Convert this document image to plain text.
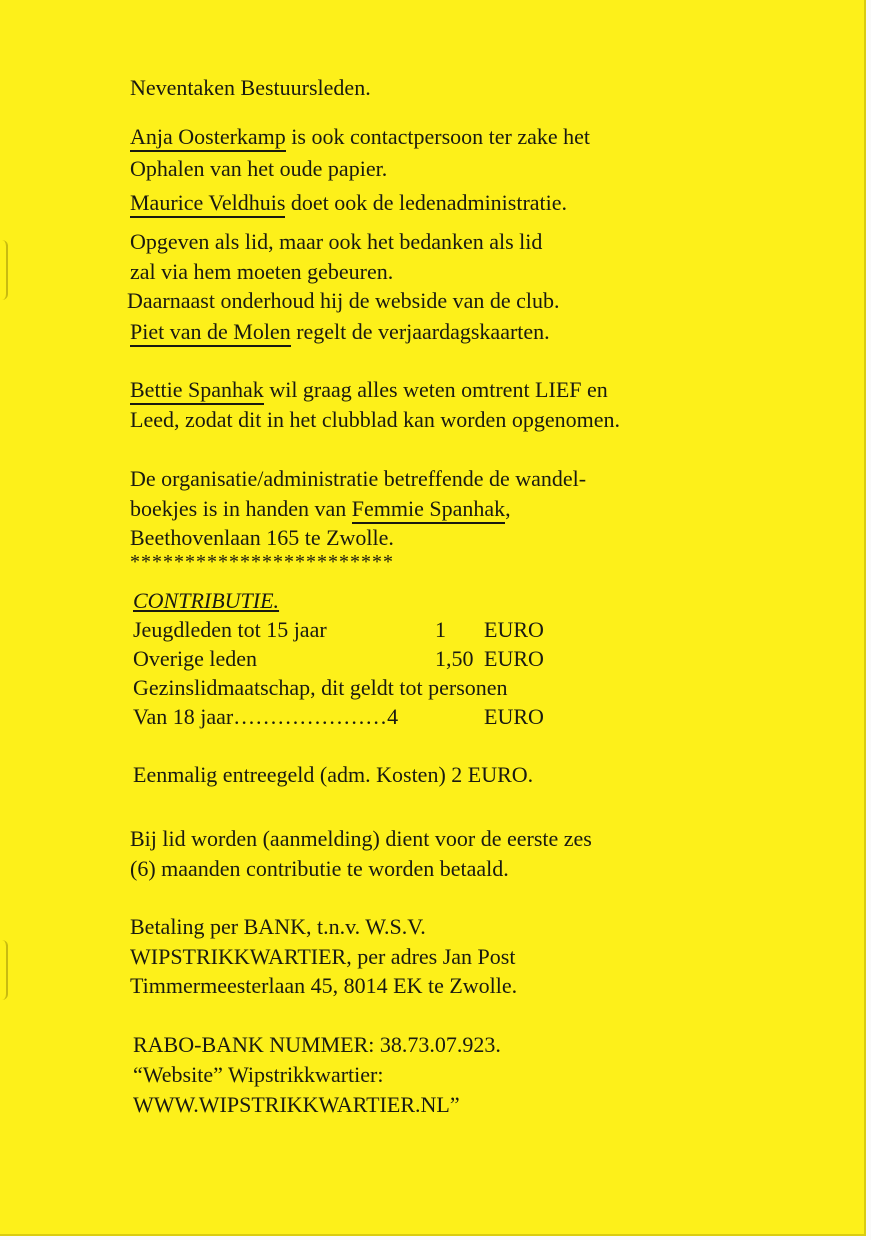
Neventaken Bestuursleden.
Anja Oosterkamp is ook contactpersoon ter zake het
Ophalen van het oude papier.
Maurice Veldhuis doet ook de ledenadministratie.
Opgeven als lid, maar ook het bedanken als lid
zal via hem moeten gebeuren.
Daarnaast onderhoud hij de webside van de club.
Piet van de Molen regelt de verjaardagskaarten.
Bettie Spanhak wil graag alles weten omtrent LIEF en
Leed, zodat dit in het clubblad kan worden opgenomen.
De organisatie/administratie betreffende de wandel-
boekjes is in handen van Femmie Spanhak,
Beethovenlaan 165 te Zwolle.
************************
CONTRIBUTIE.
Jeugdleden tot 15 jaar	1 EURO
Overige leden	1,50 EURO
Gezinslidmaatschap, dit geldt tot personen
Van 18 jaar…………………4	EURO
Eenmalig entreegeld (adm. Kosten) 2 EURO.
Bij lid worden (aanmelding) dient voor de eerste zes
(6) maanden contributie te worden betaald.
Betaling per BANK, t.n.v. W.S.V.
WIPSTRIKKWARTIER, per adres Jan Post
Timmermeesterlaan 45, 8014 EK te Zwolle.
RABO-BANK NUMMER: 38.73.07.923.
“Website” Wipstrikkwartier:
WWW.WIPSTRIKKWARTIER.NL”
